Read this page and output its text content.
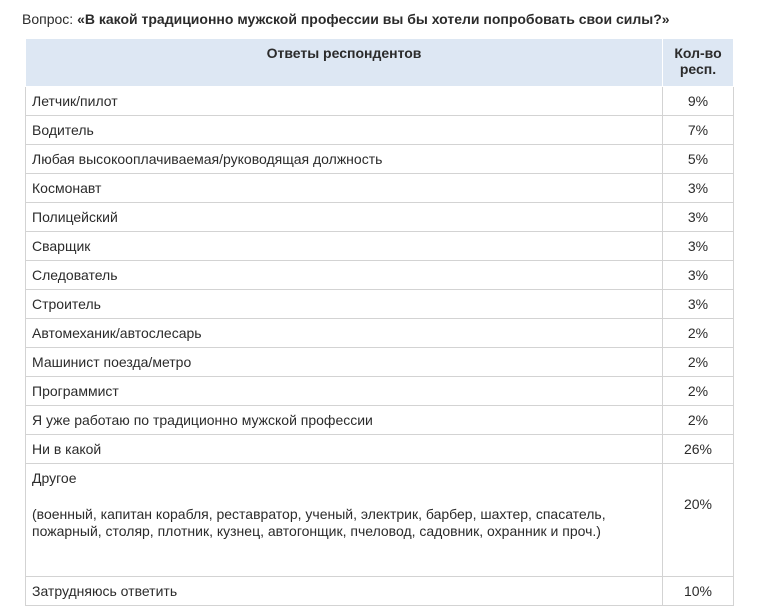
Вопрос: «В какой традиционно мужской профессии вы бы хотели попробовать свои силы?»
Ответы респондентов	Кол-во
респ.
Летчик/пилот	9%
Водитель	7%
Любая высокооплачиваемая/руководящая должность	5%
Космонавт	3%
Полицейский	3%
Сварщик	3%
Следователь	3%
Строитель	3%
Автомеханик/автослесарь	2%
Машинист поезда/метро	2%
Программист	2%
Я уже работаю по традиционно мужской профессии	2%
Ни в какой	26%
Другое
(военный, капитан корабля, реставратор, ученый, электрик, барбер, шахтер, спасатель, пожарный, столяр, плотник, кузнец, автогонщик, пчеловод, садовник, охранник и проч.)	20%
Затрудняюсь ответить	10%
